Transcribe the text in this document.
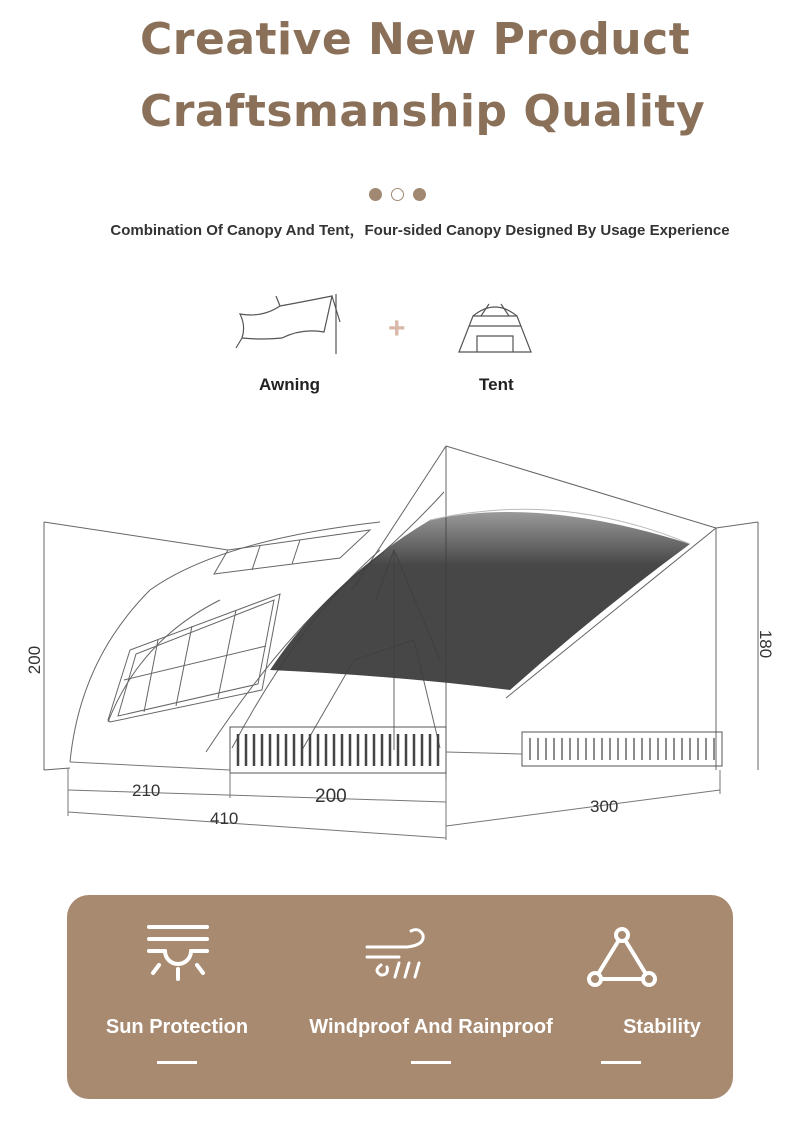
Creative New Product
Craftsmanship Quality
Combination Of Canopy And Tent，Four-sided Canopy Designed By Usage Experience
+
Awning	Tent
200
180
210	200
410
300
Sun Protection	Windproof And Rainproof	Stability
